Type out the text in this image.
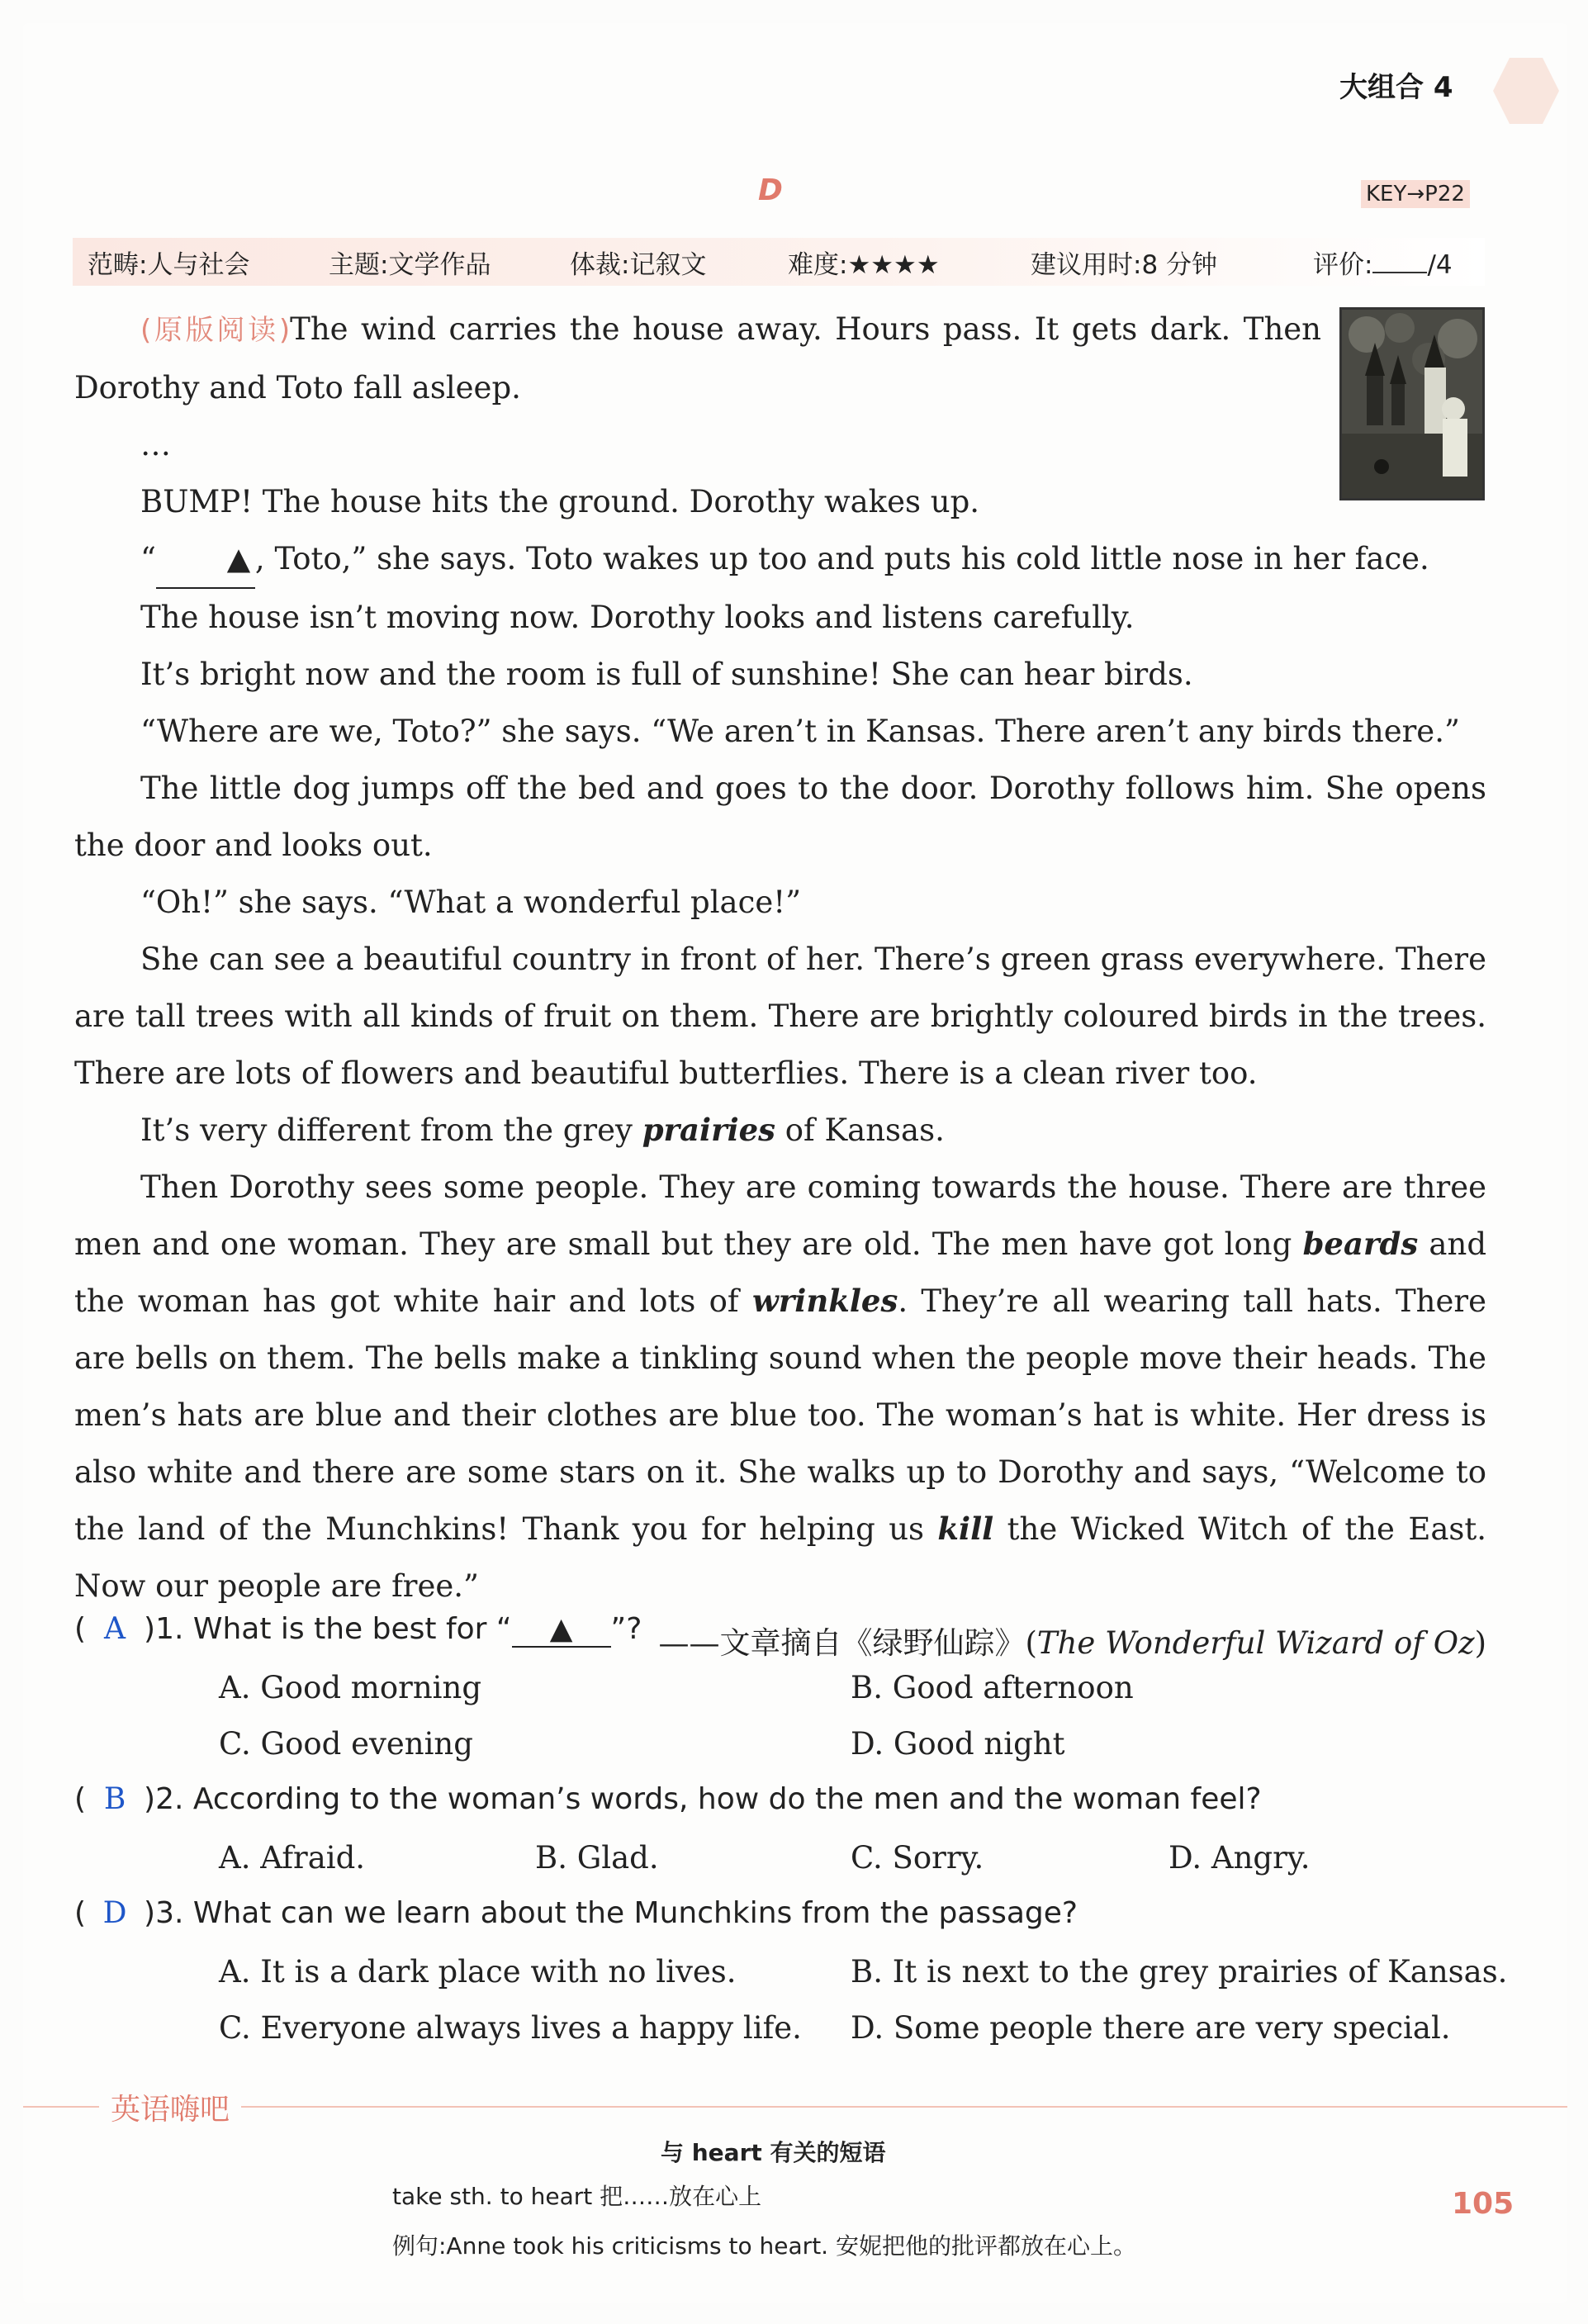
大组合 4
D	KEY→P22
范畴:人与社会	主题:文学作品	体裁:记叙文	难度:★★★★	建议用时:8 分钟	评价: /4

(原版阅读)The wind carries the house away. Hours pass. It gets dark. Then Dorothy and Toto fall asleep.

…

BUMP! The house hits the ground. Dorothy wakes up.

“ ▲ , Toto,” she says. Toto wakes up too and puts his cold little nose in her face.

The house isn’t moving now. Dorothy looks and listens carefully.

It’s bright now and the room is full of sunshine! She can hear birds.

“Where are we, Toto?” she says. “We aren’t in Kansas. There aren’t any birds there.”

The little dog jumps off the bed and goes to the door. Dorothy follows him. She opens the door and looks out.

“Oh!” she says. “What a wonderful place!”

She can see a beautiful country in front of her. There’s green grass everywhere. There are tall trees with all kinds of fruit on them. There are brightly coloured birds in the trees. There are lots of flowers and beautiful butterflies. There is a clean river too.

It’s very different from the grey prairies of Kansas.

Then Dorothy sees some people. They are coming towards the house. There are three men and one woman. They are small but they are old. The men have got long beards and the woman has got white hair and lots of wrinkles. They’re all wearing tall hats. There are bells on them. The bells make a tinkling sound when the people move their heads. The men’s hats are blue and their clothes are blue too. The woman’s hat is white. Her dress is also white and there are some stars on it. She walks up to Dorothy and says, “Welcome to the land of the Munchkins! Thank you for helping us kill the Wicked Witch of the East. Now our people are free.”

——文章摘自《绿野仙踪》(The Wonderful Wizard of Oz)
( A )1. What is the best for “ ▲ ”?
A. Good morning	B. Good afternoon
C. Good evening	D. Good night
( B )2. According to the woman’s words, how do the men and the woman feel?
A. Afraid.	B. Glad.	C. Sorry.	D. Angry.
( D )3. What can we learn about the Munchkins from the passage?
A. It is a dark place with no lives.	B. It is next to the grey prairies of Kansas.
C. Everyone always lives a happy life. D. Some people there are very special.
英语嗨吧
与 heart 有关的短语
take sth. to heart 把……放在心上
例句:Anne took his criticisms to heart. 安妮把他的批评都放在心上。
105
